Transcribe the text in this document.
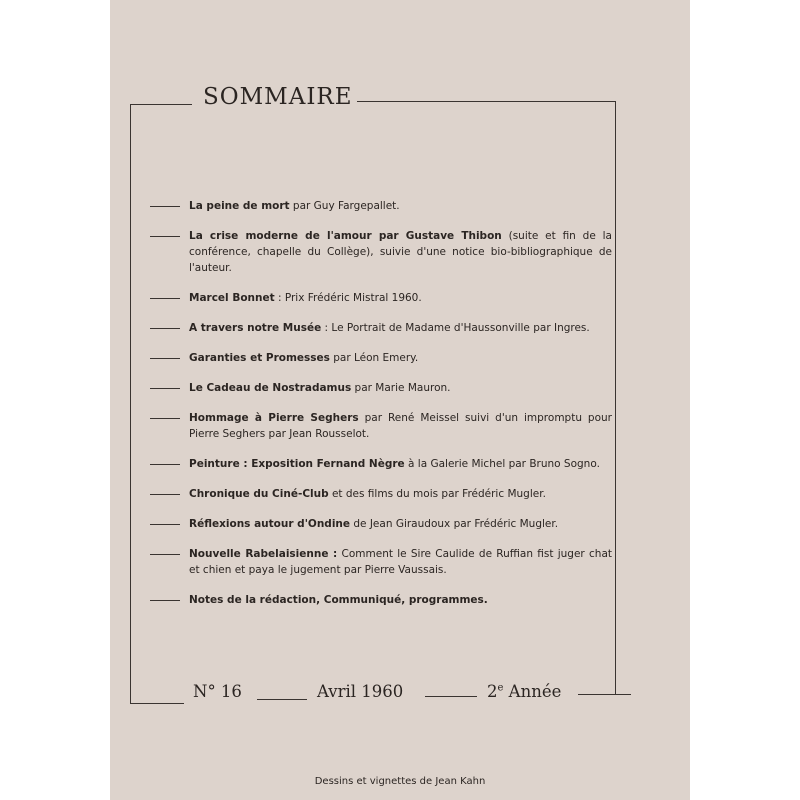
SOMMAIRE
La peine de mort par Guy Fargepallet.
La crise moderne de l'amour par Gustave Thibon (suite et fin de la conférence, chapelle du Collège), suivie d'une notice bio-bibliographique de l'auteur.
Marcel Bonnet : Prix Frédéric Mistral 1960.
A travers notre Musée : Le Portrait de Madame d'Haussonville par Ingres.
Garanties et Promesses par Léon Emery.
Le Cadeau de Nostradamus par Marie Mauron.
Hommage à Pierre Seghers par René Meissel suivi d'un impromptu pour Pierre Seghers par Jean Rousselot.
Peinture : Exposition Fernand Nègre à la Galerie Michel par Bruno Sogno.
Chronique du Ciné-Club et des films du mois par Frédéric Mugler.
Réflexions autour d'Ondine de Jean Giraudoux par Frédéric Mugler.
Nouvelle Rabelaisienne : Comment le Sire Caulide de Ruffian fist juger chat et chien et paya le jugement par Pierre Vaussais.
Notes de la rédaction, Communiqué, programmes.
N° 16	Avril 1960	2e Année
Dessins et vignettes de Jean Kahn
